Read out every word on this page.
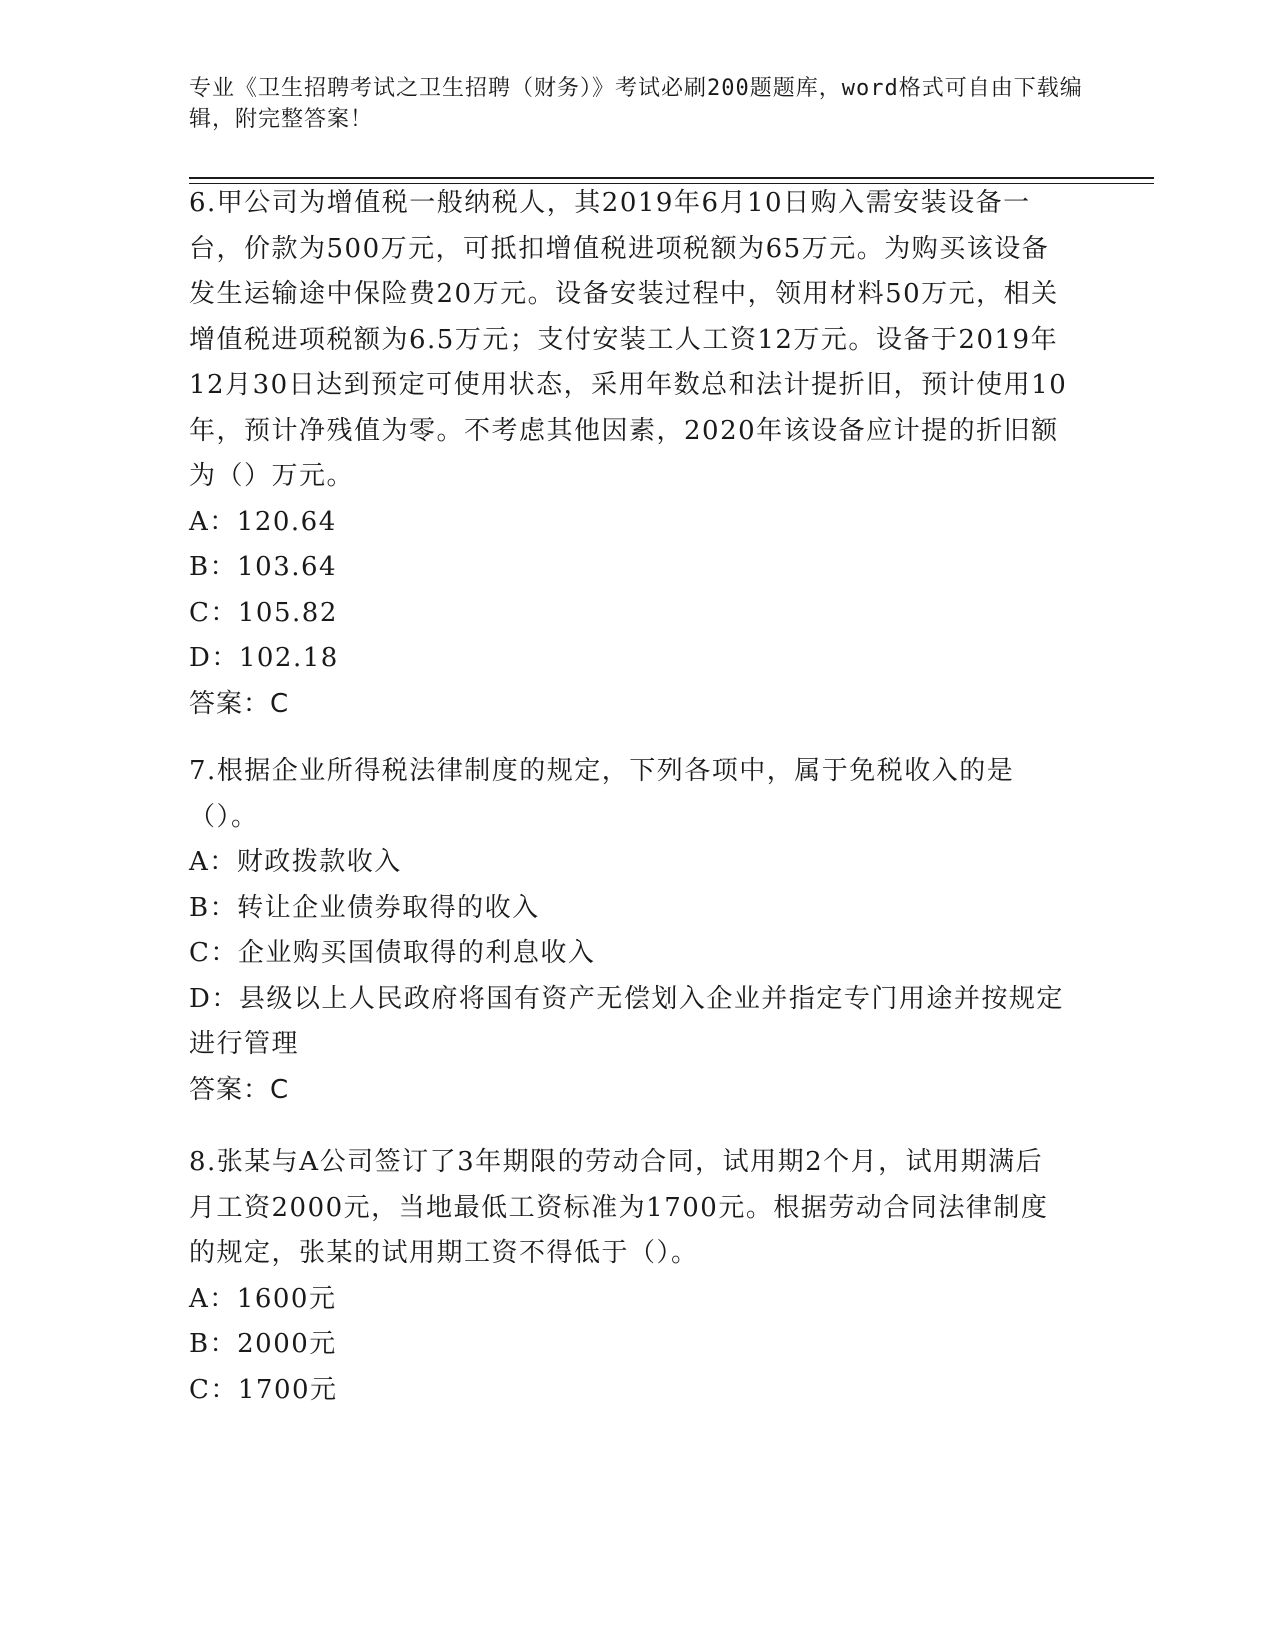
专业《卫生招聘考试之卫生招聘（财务）》考试必刷200题题库，word格式可自由下载编辑，附完整答案！

6.甲公司为增值税一般纳税人，其2019年6月10日购入需安装设备一台，价款为500万元，可抵扣增值税进项税额为65万元。为购买该设备发生运输途中保险费20万元。设备安装过程中，领用材料50万元，相关增值税进项税额为6.5万元；支付安装工人工资12万元。设备于2019年12月30日达到预定可使用状态，采用年数总和法计提折旧，预计使用10年，预计净残值为零。不考虑其他因素，2020年该设备应计提的折旧额为（）万元。

A：120.64

B：103.64

C：105.82

D：102.18

答案：C

7.根据企业所得税法律制度的规定，下列各项中，属于免税收入的是（）。

A：财政拨款收入

B：转让企业债券取得的收入

C：企业购买国债取得的利息收入

D：县级以上人民政府将国有资产无偿划入企业并指定专门用途并按规定进行管理

答案：C

8.张某与A公司签订了3年期限的劳动合同，试用期2个月，试用期满后月工资2000元，当地最低工资标准为1700元。根据劳动合同法律制度的规定，张某的试用期工资不得低于（）。

A：1600元

B：2000元

C：1700元
